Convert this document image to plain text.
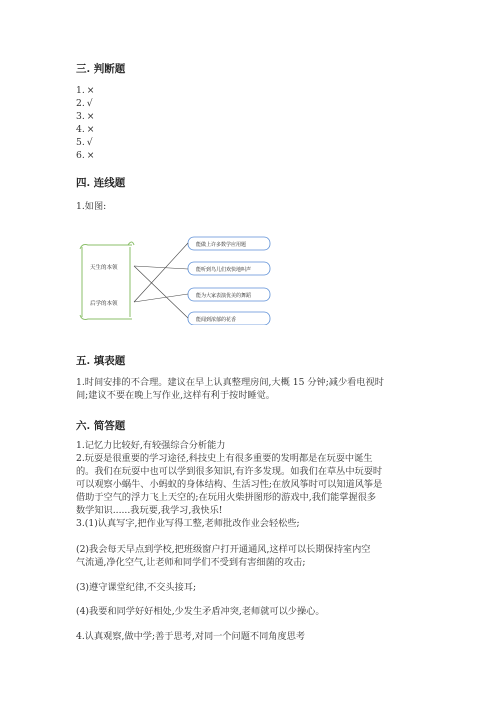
三. 判断题
1. ×
2. √
3. ×
4. ×
5. √
6. ×
四. 连线题
1.如图:
天生的本领
后学的本领
能做上许多数学应用题
能听到鸟儿们欢快地叫声
能为大家表演优美的舞蹈
能闻到浓郁的花香
五. 填表题
1.时间安排的不合理。建议在早上认真整理房间,大概 15 分钟;减少看电视时
间;建议不要在晚上写作业,这样有利于按时睡觉。
六. 简答题
1.记忆力比较好,有较强综合分析能力
2.玩耍是很重要的学习途径,科技史上有很多重要的发明都是在玩耍中诞生
的。我们在玩耍中也可以学到很多知识,有许多发现。如我们在草丛中玩耍时
可以观察小蜗牛、小蚂蚁的身体结构、生活习性;在放风筝时可以知道风筝是
借助于空气的浮力飞上天空的;在玩用火柴拼图形的游戏中,我们能掌握很多
数学知识......我玩要,我学习,我快乐!
3.(1)认真写字,把作业写得工整,老师批改作业会轻松些;
(2)我会每天早点到学校,把班级窗户打开通通风,这样可以长期保持室内空
气流通,净化空气,让老师和同学们不受到有害细菌的攻击;
(3)遵守课堂纪律,不交头接耳;
(4)我要和同学好好相处,少发生矛盾冲突,老师就可以少操心。
4.认真观察,做中学;善于思考,对同一个问题不同角度思考
